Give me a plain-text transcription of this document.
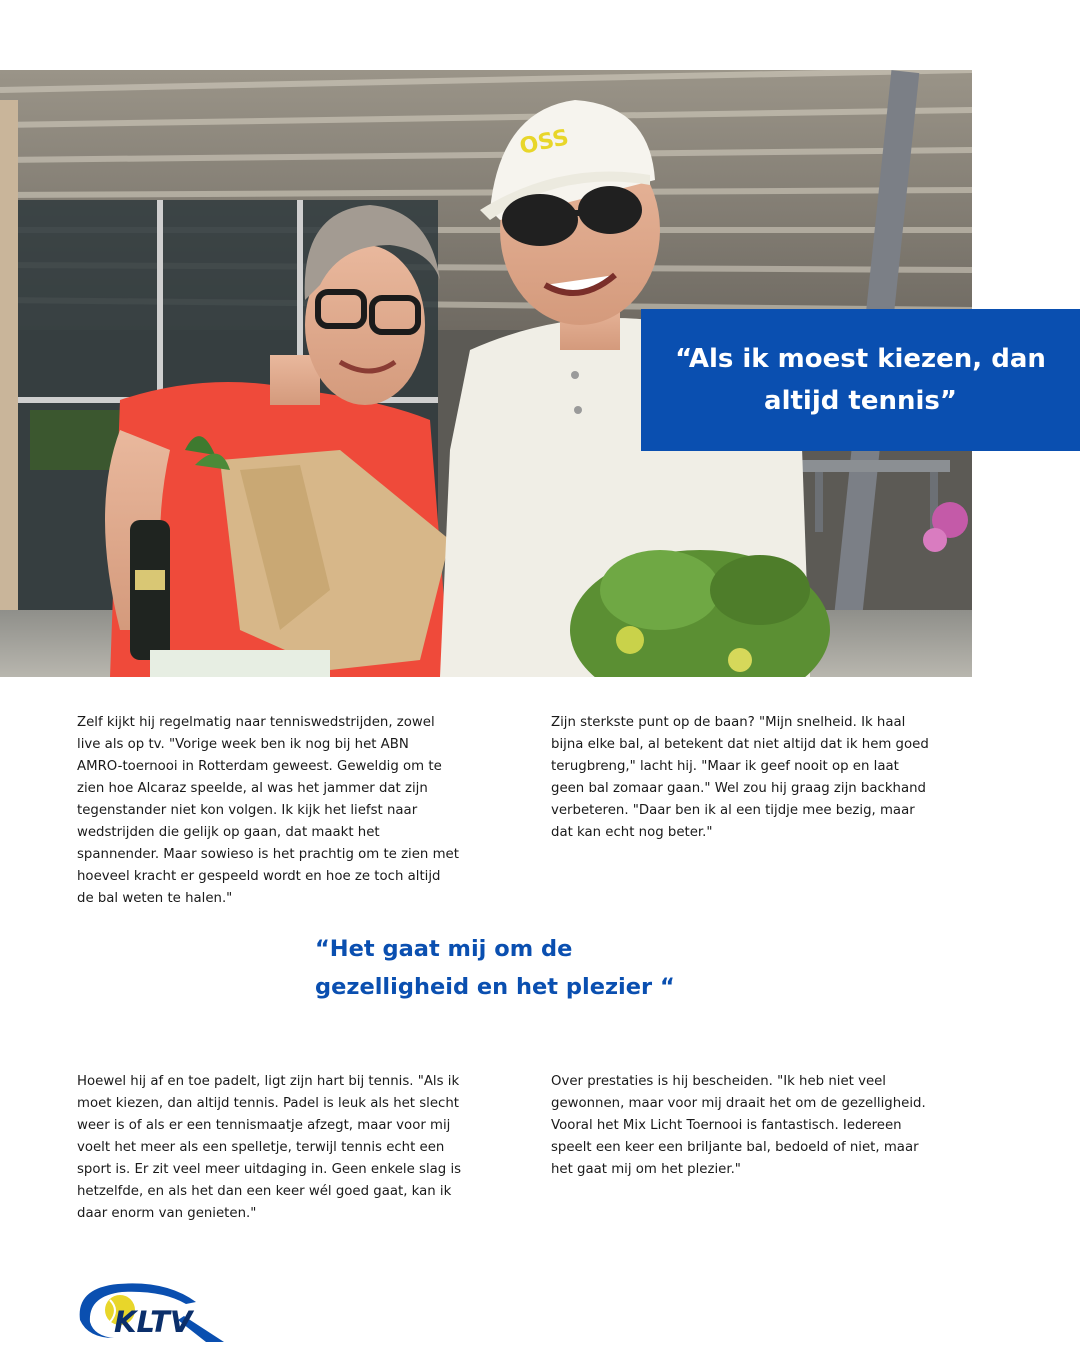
OSS
“Als ik moest kiezen, dan altijd tennis”

Zelf kijkt hij regelmatig naar tenniswedstrijden, zowel
live als op tv. "Vorige week ben ik nog bij het ABN
AMRO-toernooi in Rotterdam geweest. Geweldig om te
zien hoe Alcaraz speelde, al was het jammer dat zijn
tegenstander niet kon volgen. Ik kijk het liefst naar
wedstrijden die gelijk op gaan, dat maakt het
spannender. Maar sowieso is het prachtig om te zien met
hoeveel kracht er gespeeld wordt en hoe ze toch altijd
de bal weten te halen."

Zijn sterkste punt op de baan? "Mijn snelheid. Ik haal
bijna elke bal, al betekent dat niet altijd dat ik hem goed
terugbreng," lacht hij. "Maar ik geef nooit op en laat
geen bal zomaar gaan." Wel zou hij graag zijn backhand
verbeteren. "Daar ben ik al een tijdje mee bezig, maar
dat kan echt nog beter."

“Het gaat mij om de
gezelligheid en het plezier “

Hoewel hij af en toe padelt, ligt zijn hart bij tennis. "Als ik
moet kiezen, dan altijd tennis. Padel is leuk als het slecht
weer is of als er een tennismaatje afzegt, maar voor mij
voelt het meer als een spelletje, terwijl tennis echt een
sport is. Er zit veel meer uitdaging in. Geen enkele slag is
hetzelfde, en als het dan een keer wél goed gaat, kan ik
daar enorm van genieten."

Over prestaties is hij bescheiden. "Ik heb niet veel
gewonnen, maar voor mij draait het om de gezelligheid.
Vooral het Mix Licht Toernooi is fantastisch. Iedereen
speelt een keer een briljante bal, bedoeld of niet, maar
het gaat mij om het plezier."

KLTV
